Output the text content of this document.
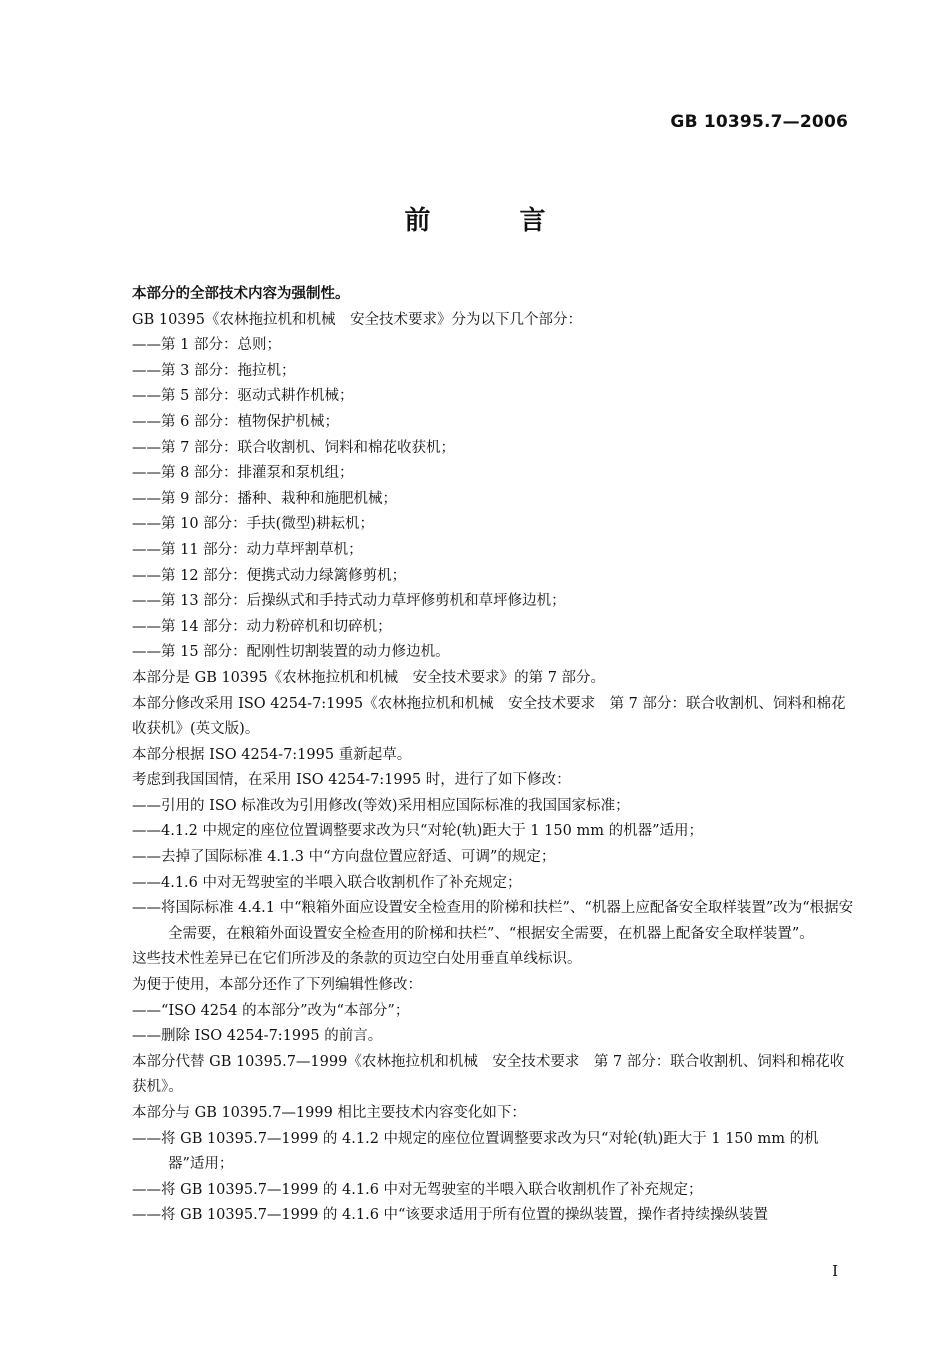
GB 10395.7—2006
前 言

本部分的全部技术内容为强制性。

GB 10395《农林拖拉机和机械　安全技术要求》分为以下几个部分：

——第 1 部分：总则；

——第 3 部分：拖拉机；

——第 5 部分：驱动式耕作机械；

——第 6 部分：植物保护机械；

——第 7 部分：联合收割机、饲料和棉花收获机；

——第 8 部分：排灌泵和泵机组；

——第 9 部分：播种、栽种和施肥机械；

——第 10 部分：手扶(微型)耕耘机；

——第 11 部分：动力草坪割草机；

——第 12 部分：便携式动力绿篱修剪机；

——第 13 部分：后操纵式和手持式动力草坪修剪机和草坪修边机；

——第 14 部分：动力粉碎机和切碎机；

——第 15 部分：配刚性切割装置的动力修边机。

本部分是 GB 10395《农林拖拉机和机械　安全技术要求》的第 7 部分。

本部分修改采用 ISO 4254-7:1995《农林拖拉机和机械　安全技术要求　第 7 部分：联合收割机、饲料和棉花收获机》(英文版)。

本部分根据 ISO 4254-7:1995 重新起草。

考虑到我国国情，在采用 ISO 4254-7:1995 时，进行了如下修改：

——引用的 ISO 标准改为引用修改(等效)采用相应国际标准的我国国家标准；

——4.1.2 中规定的座位位置调整要求改为只“对轮(轨)距大于 1 150 mm 的机器”适用；

——去掉了国际标准 4.1.3 中“方向盘位置应舒适、可调”的规定；

——4.1.6 中对无驾驶室的半喂入联合收割机作了补充规定；

——将国际标准 4.4.1 中“粮箱外面应设置安全检查用的阶梯和扶栏”、“机器上应配备安全取样装置”改为“根据安全需要，在粮箱外面设置安全检查用的阶梯和扶栏”、“根据安全需要，在机器上配备安全取样装置”。

这些技术性差异已在它们所涉及的条款的页边空白处用垂直单线标识。

为便于使用，本部分还作了下列编辑性修改：

——“ISO 4254 的本部分”改为“本部分”；

——删除 ISO 4254-7:1995 的前言。

本部分代替 GB 10395.7—1999《农林拖拉机和机械　安全技术要求　第 7 部分：联合收割机、饲料和棉花收获机》。

本部分与 GB 10395.7—1999 相比主要技术内容变化如下：

——将 GB 10395.7—1999 的 4.1.2 中规定的座位位置调整要求改为只“对轮(轨)距大于 1 150 mm 的机器”适用；

——将 GB 10395.7—1999 的 4.1.6 中对无驾驶室的半喂入联合收割机作了补充规定；

——将 GB 10395.7—1999 的 4.1.6 中“该要求适用于所有位置的操纵装置，操作者持续操纵装置

I
